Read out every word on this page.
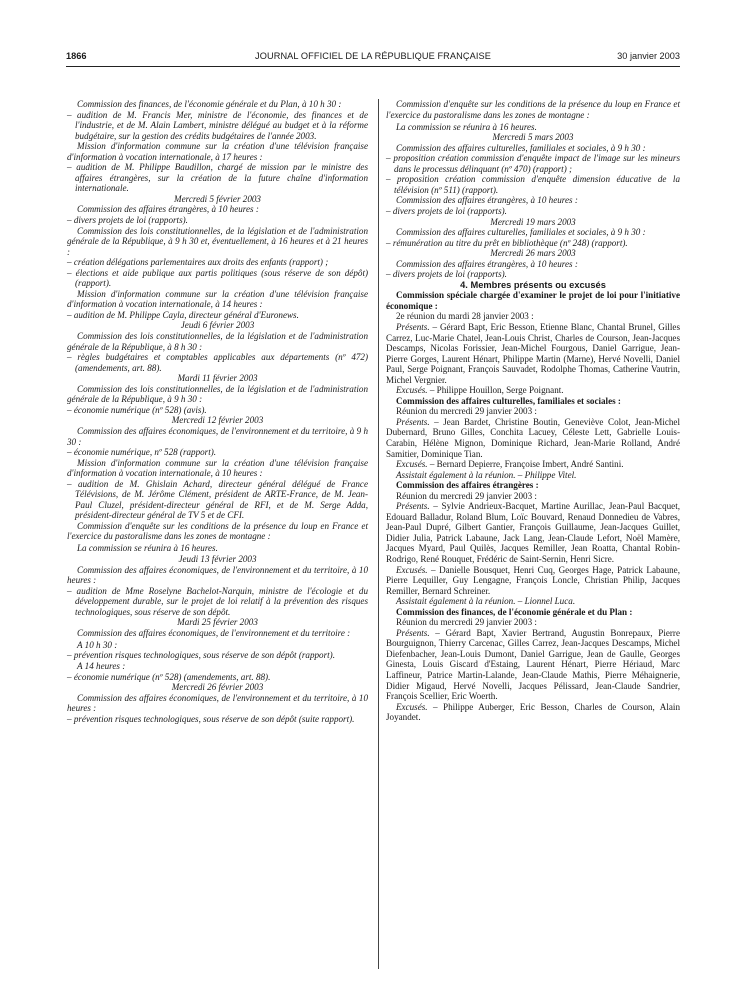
1866	JOURNAL OFFICIEL DE LA RÉPUBLIQUE FRANÇAISE	30 janvier 2003

Commission des finances, de l'économie générale et du Plan, à 10 h 30 :

– audition de M. Francis Mer, ministre de l'économie, des finances et de l'industrie, et de M. Alain Lambert, ministre délégué au budget et à la réforme budgétaire, sur la gestion des crédits budgétaires de l'année 2003.

Mission d'information commune sur la création d'une télévision française d'information à vocation internationale, à 17 heures :

– audition de M. Philippe Baudillon, chargé de mission par le ministre des affaires étrangères, sur la création de la future chaîne d'information internationale.

Mercredi 5 février 2003

Commission des affaires étrangères, à 10 heures :

– divers projets de loi (rapports).

Commission des lois constitutionnelles, de la législation et de l'administration générale de la République, à 9 h 30 et, éventuellement, à 16 heures et à 21 heures :

– création délégations parlementaires aux droits des enfants (rapport) ;

– élections et aide publique aux partis politiques (sous réserve de son dépôt) (rapport).

Mission d'information commune sur la création d'une télévision française d'information à vocation internationale, à 14 heures :

– audition de M. Philippe Cayla, directeur général d'Euronews.

Jeudi 6 février 2003

Commission des lois constitutionnelles, de la législation et de l'administration générale de la République, à 8 h 30 :

– règles budgétaires et comptables applicables aux départements (nº 472) (amendements, art. 88).

Mardi 11 février 2003

Commission des lois constitutionnelles, de la législation et de l'administration générale de la République, à 9 h 30 :

– économie numérique (nº 528) (avis).

Mercredi 12 février 2003

Commission des affaires économiques, de l'environnement et du territoire, à 9 h 30 :

– économie numérique, nº 528 (rapport).

Mission d'information commune sur la création d'une télévision française d'information à vocation internationale, à 10 heures :

– audition de M. Ghislain Achard, directeur général délégué de France Télévisions, de M. Jérôme Clément, président de ARTE-France, de M. Jean-Paul Cluzel, président-directeur général de RFI, et de M. Serge Adda, président-directeur général de TV 5 et de CFI.

Commission d'enquête sur les conditions de la présence du loup en France et l'exercice du pastoralisme dans les zones de montagne :

La commission se réunira à 16 heures.

Jeudi 13 février 2003

Commission des affaires économiques, de l'environnement et du territoire, à 10 heures :

– audition de Mme Roselyne Bachelot-Narquin, ministre de l'écologie et du développement durable, sur le projet de loi relatif à la prévention des risques technologiques, sous réserve de son dépôt.

Mardi 25 février 2003

Commission des affaires économiques, de l'environnement et du territoire :

A 10 h 30 :

– prévention risques technologiques, sous réserve de son dépôt (rapport).

A 14 heures :

– économie numérique (nº 528) (amendements, art. 88).

Mercredi 26 février 2003

Commission des affaires économiques, de l'environnement et du territoire, à 10 heures :

– prévention risques technologiques, sous réserve de son dépôt (suite rapport).

Commission d'enquête sur les conditions de la présence du loup en France et l'exercice du pastoralisme dans les zones de montagne :

La commission se réunira à 16 heures.

Mercredi 5 mars 2003

Commission des affaires culturelles, familiales et sociales, à 9 h 30 :

– proposition création commission d'enquête impact de l'image sur les mineurs dans le processus délinquant (nº 470) (rapport) ;

– proposition création commission d'enquête dimension éducative de la télévision (nº 511) (rapport).

Commission des affaires étrangères, à 10 heures :

– divers projets de loi (rapports).

Mercredi 19 mars 2003

Commission des affaires culturelles, familiales et sociales, à 9 h 30 :

– rémunération au titre du prêt en bibliothèque (nº 248) (rapport).

Mercredi 26 mars 2003

Commission des affaires étrangères, à 10 heures :

– divers projets de loi (rapports).

4. Membres présents ou excusés

Commission spéciale chargée d'examiner le projet de loi pour l'initiative économique :

2e réunion du mardi 28 janvier 2003 :

Présents. – Gérard Bapt, Eric Besson, Etienne Blanc, Chantal Brunel, Gilles Carrez, Luc-Marie Chatel, Jean-Louis Christ, Charles de Courson, Jean-Jacques Descamps, Nicolas Forissier, Jean-Michel Fourgous, Daniel Garrigue, Jean-Pierre Gorges, Laurent Hénart, Philippe Martin (Marne), Hervé Novelli, Daniel Paul, Serge Poignant, François Sauvadet, Rodolphe Thomas, Catherine Vautrin, Michel Vergnier.

Excusés. – Philippe Houillon, Serge Poignant.

Commission des affaires culturelles, familiales et sociales :

Réunion du mercredi 29 janvier 2003 :

Présents. – Jean Bardet, Christine Boutin, Geneviève Colot, Jean-Michel Dubernard, Bruno Gilles, Conchita Lacuey, Céleste Lett, Gabrielle Louis-Carabin, Hélène Mignon, Dominique Richard, Jean-Marie Rolland, André Samitier, Dominique Tian.

Excusés. – Bernard Depierre, Françoise Imbert, André Santini.

Assistait également à la réunion. – Philippe Vitel.

Commission des affaires étrangères :

Réunion du mercredi 29 janvier 2003 :

Présents. – Sylvie Andrieux-Bacquet, Martine Aurillac, Jean-Paul Bacquet, Edouard Balladur, Roland Blum, Loïc Bouvard, Renaud Donnedieu de Vabres, Jean-Paul Dupré, Gilbert Gantier, François Guillaume, Jean-Jacques Guillet, Didier Julia, Patrick Labaune, Jack Lang, Jean-Claude Lefort, Noël Mamère, Jacques Myard, Paul Quilès, Jacques Remiller, Jean Roatta, Chantal Robin-Rodrigo, René Rouquet, Frédéric de Saint-Sernin, Henri Sicre.

Excusés. – Danielle Bousquet, Henri Cuq, Georges Hage, Patrick Labaune, Pierre Lequiller, Guy Lengagne, François Loncle, Christian Philip, Jacques Remiller, Bernard Schreiner.

Assistait également à la réunion. – Lionnel Luca.

Commission des finances, de l'économie générale et du Plan :

Réunion du mercredi 29 janvier 2003 :

Présents. – Gérard Bapt, Xavier Bertrand, Augustin Bonrepaux, Pierre Bourguignon, Thierry Carcenac, Gilles Carrez, Jean-Jacques Descamps, Michel Diefenbacher, Jean-Louis Dumont, Daniel Garrigue, Jean de Gaulle, Georges Ginesta, Louis Giscard d'Estaing, Laurent Hénart, Pierre Hériaud, Marc Laffineur, Patrice Martin-Lalande, Jean-Claude Mathis, Pierre Méhaignerie, Didier Migaud, Hervé Novelli, Jacques Pélissard, Jean-Claude Sandrier, François Scellier, Eric Woerth.

Excusés. – Philippe Auberger, Eric Besson, Charles de Courson, Alain Joyandet.
